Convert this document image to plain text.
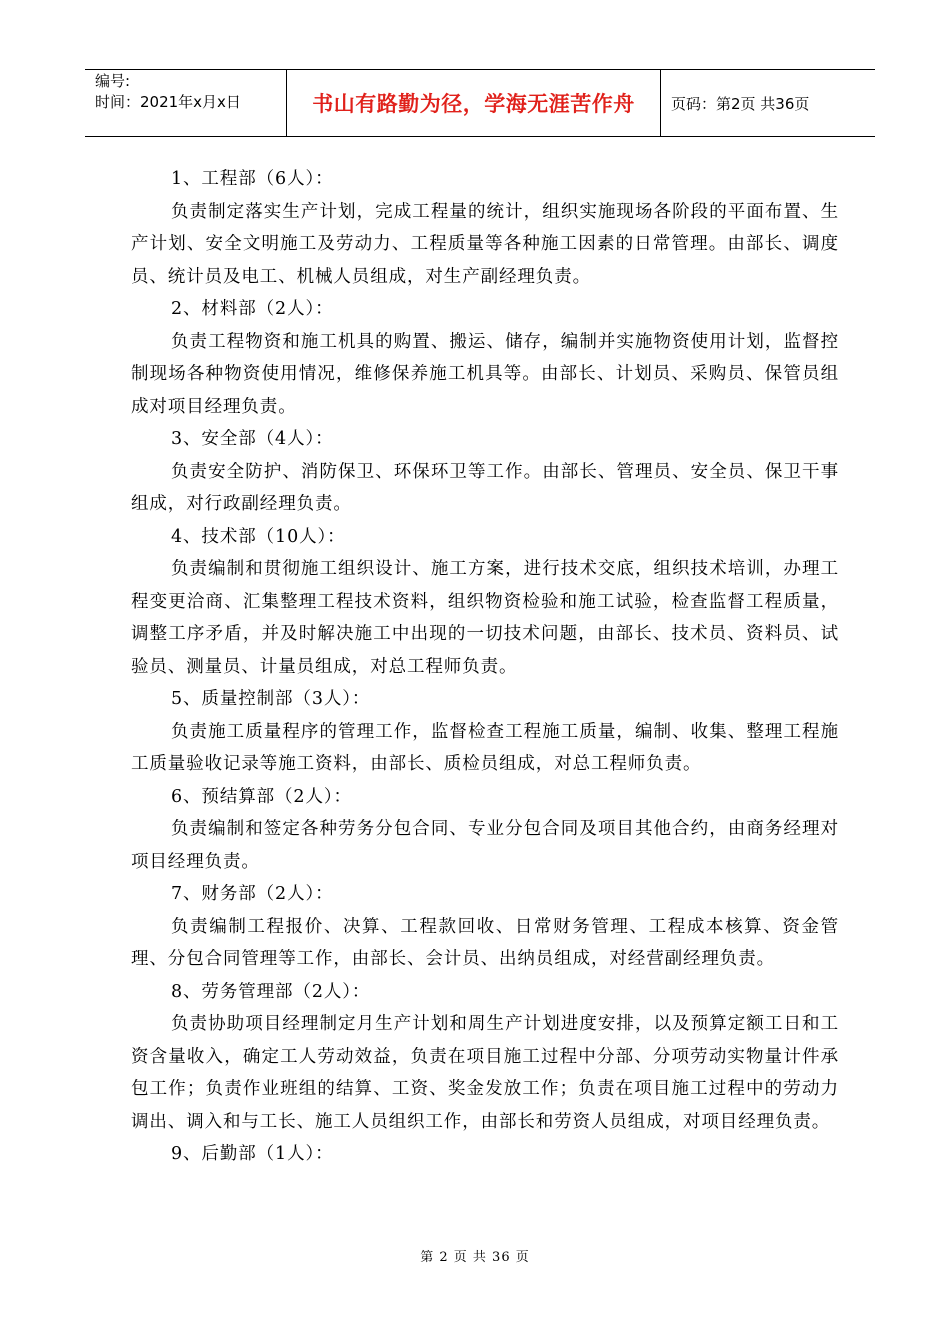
编号:
时间：2021年x月x日	书山有路勤为径，学海无涯苦作舟	页码：第2页 共36页

1、工程部（6人）：

负责制定落实生产计划，完成工程量的统计，组织实施现场各阶段的平面布置、生产计划、安全文明施工及劳动力、工程质量等各种施工因素的日常管理。由部长、调度员、统计员及电工、机械人员组成，对生产副经理负责。

2、材料部（2人）：

负责工程物资和施工机具的购置、搬运、储存，编制并实施物资使用计划，监督控制现场各种物资使用情况，维修保养施工机具等。由部长、计划员、采购员、保管员组成对项目经理负责。

3、安全部（4人）：

负责安全防护、消防保卫、环保环卫等工作。由部长、管理员、安全员、保卫干事组成，对行政副经理负责。

4、技术部（10人）：

负责编制和贯彻施工组织设计、施工方案，进行技术交底，组织技术培训，办理工程变更洽商、汇集整理工程技术资料，组织物资检验和施工试验，检查监督工程质量，调整工序矛盾，并及时解决施工中出现的一切技术问题，由部长、技术员、资料员、试验员、测量员、计量员组成，对总工程师负责。

5、质量控制部（3人）：

负责施工质量程序的管理工作，监督检查工程施工质量，编制、收集、整理工程施工质量验收记录等施工资料，由部长、质检员组成，对总工程师负责。

6、预结算部（2人）：

负责编制和签定各种劳务分包合同、专业分包合同及项目其他合约，由商务经理对项目经理负责。

7、财务部（2人）：

负责编制工程报价、决算、工程款回收、日常财务管理、工程成本核算、资金管理、分包合同管理等工作，由部长、会计员、出纳员组成，对经营副经理负责。

8、劳务管理部（2人）：

负责协助项目经理制定月生产计划和周生产计划进度安排，以及预算定额工日和工资含量收入，确定工人劳动效益，负责在项目施工过程中分部、分项劳动实物量计件承包工作；负责作业班组的结算、工资、奖金发放工作；负责在项目施工过程中的劳动力调出、调入和与工长、施工人员组织工作，由部长和劳资人员组成，对项目经理负责。

9、后勤部（1人）：

第 2 页 共 36 页
